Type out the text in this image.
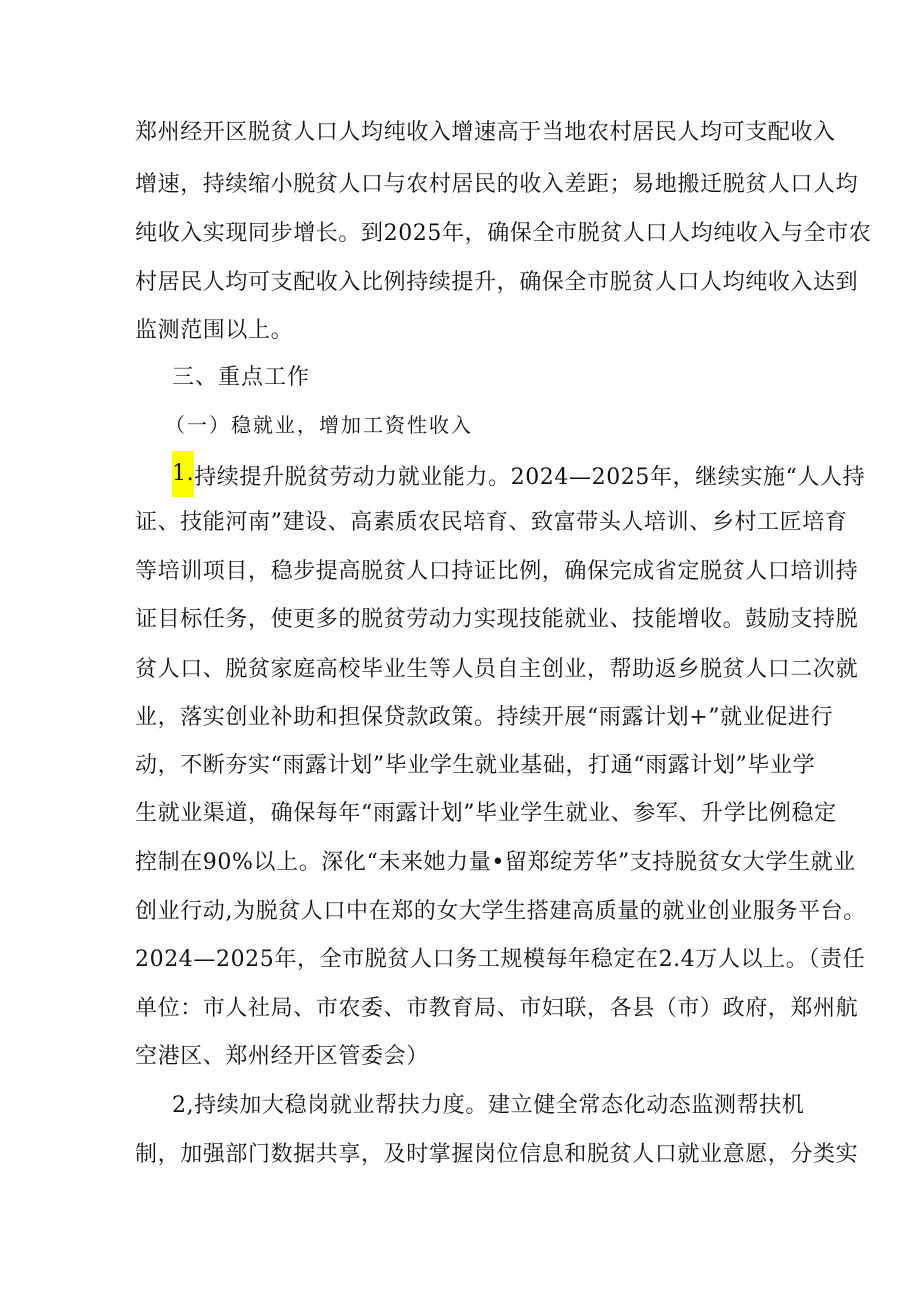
郑州经开区脱贫人口人均纯收入增速高于当地农村居民人均可支配收入
增速，持续缩小脱贫人口与农村居民的收入差距；易地搬迁脱贫人口人均
纯收入实现同步增长。到2025年，确保全市脱贫人口人均纯收入与全市农
村居民人均可支配收入比例持续提升，确保全市脱贫人口人均纯收入达到
监测范围以上。
三、重点工作
（一）稳就业，增加工资性收入
1.持续提升脱贫劳动力就业能力。2024—2025年，继续实施“人人持
证、技能河南”建设、高素质农民培育、致富带头人培训、乡村工匠培育
等培训项目，稳步提高脱贫人口持证比例，确保完成省定脱贫人口培训持
证目标任务，使更多的脱贫劳动力实现技能就业、技能增收。鼓励支持脱
贫人口、脱贫家庭高校毕业生等人员自主创业，帮助返乡脱贫人口二次就
业，落实创业补助和担保贷款政策。持续开展“雨露计划+”就业促进行
动，不断夯实“雨露计划”毕业学生就业基础，打通“雨露计划”毕业学
生就业渠道，确保每年“雨露计划”毕业学生就业、参军、升学比例稳定
控制在90%以上。深化“未来她力量•留郑绽芳华”支持脱贫女大学生就业
创业行动,为脱贫人口中在郑的女大学生搭建高质量的就业创业服务平台。
2024—2025年，全市脱贫人口务工规模每年稳定在2.4万人以上。（责任
单位：市人社局、市农委、市教育局、市妇联，各县（市）政府，郑州航
空港区、郑州经开区管委会）
2,持续加大稳岗就业帮扶力度。建立健全常态化动态监测帮扶机
制，加强部门数据共享，及时掌握岗位信息和脱贫人口就业意愿，分类实
